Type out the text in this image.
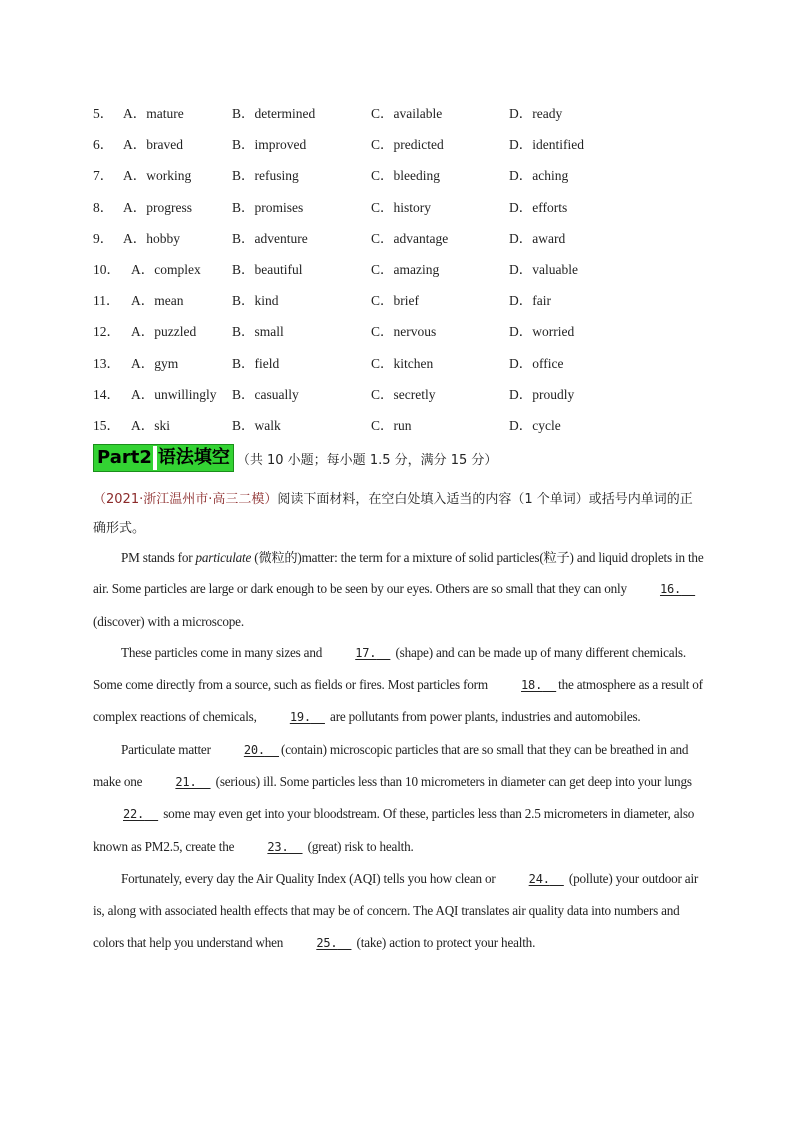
5． A．mature	B．determined	C．available	D．ready
6． A．braved	B．improved	C．predicted	D．identified
7． A．working	B．refusing	C．bleeding	D．aching
8． A．progress	B．promises	C．history	D．efforts
9． A．hobby	B．adventure	C．advantage	D．award
10． A．complex B．beautiful	C．amazing	D．valuable
11． A．mean	B．kind	C．brief	D．fair
12． A．puzzled	B．small	C．nervous	D．worried
13． A．gym	B．field	C．kitchen	D．office
14． A．unwillingly B．casually	C．secretly	D．proudly
15． A．ski	B．walk	C．run	D．cycle
Part2 语法填空 （共 10 小题；每小题 1.5 分，满分 15 分）
（2021·浙江温州市·高三二模）阅读下面材料，在空白处填入适当的内容（1 个单词）或括号内单词的正确形式。

PM stands for particulate (微粒的)matter: the term for a mixture of solid particles(粒子) and liquid droplets in the air. Some particles are large or dark enough to be seen by our eyes. Others are so small that they can only	16. (discover) with a microscope.

These particles come in many sizes and	17. (shape) and can be made up of many different chemicals. Some come directly from a source, such as fields or fires. Most particles form	18. the atmosphere as a result of complex reactions of chemicals,	19. are pollutants from power plants, industries and automobiles.

Particulate matter	20. (contain) microscopic particles that are so small that they can be breathed in and make one	21. (serious) ill. Some particles less than 10 micrometers in diameter can get deep into your lungs 22. some may even get into your bloodstream. Of these, particles less than 2.5 micrometers in diameter, also known as PM2.5, create the	23. (great) risk to health.

Fortunately, every day the Air Quality Index (AQI) tells you how clean or	24. (pollute) your outdoor air is, along with associated health effects that may be of concern. The AQI translates air quality data into numbers and colors that help you understand when	25. (take) action to protect your health.
